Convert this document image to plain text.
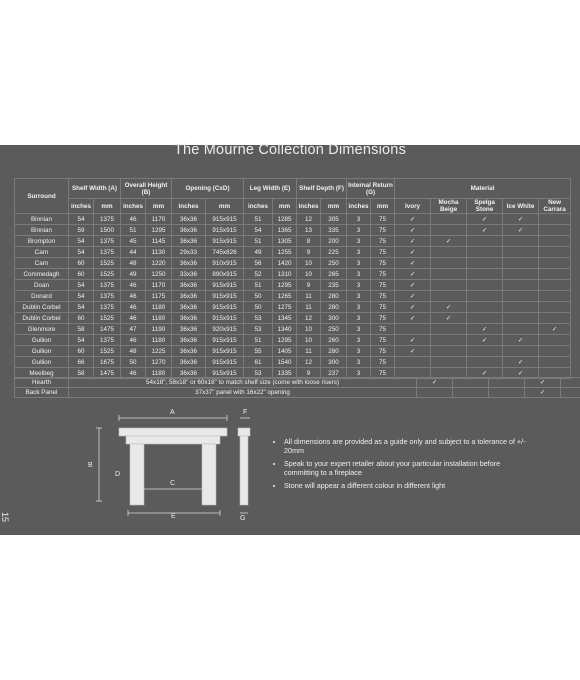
The Mourne Collection Dimensions
Surround	Shelf Width (A)		Overall Height (B)		Opening (CxD)		Leg Width (E)		Shelf Depth (F)		Internal Return (G)		Material				
	inches	mm	inches	mm	inches	mm	inches	mm	inches	mm	inches	mm	Ivory	Mocha Beige	Spelga Stone	Ice White	New Carrara
Binnian	54	1375	46	1170	36x36	915x915	51	1285	12	305	3	75	✓		✓	✓	
Binnian	59	1500	51	1295	36x36	915x915	54	1365	13	335	3	75	✓		✓	✓	
Brompton	54	1375	45	1145	36x36	915x915	51	1305	8	200	3	75	✓	✓			
Carn	54	1375	44	1130	29x33	745x826	49	1255	9	225	3	75	✓				
Carn	60	1525	48	1220	36x36	910x915	56	1420	10	250	3	75	✓				
Commedagh	60	1525	49	1250	33x36	890x915	52	1310	10	265	3	75	✓				
Doan	54	1375	46	1170	36x36	915x915	51	1295	9	235	3	75	✓				
Donard	54	1375	46	1175	36x36	915x915	50	1265	11	280	3	75	✓				
Dublin Corbel	54	1375	46	1180	36x36	915x915	50	1275	11	280	3	75	✓	✓			
Dublin Corbel	60	1525	46	1180	36x36	915x915	53	1345	12	300	3	75	✓	✓			
Glenmore	58	1475	47	1190	36x36	920x915	53	1340	10	250	3	75			✓		✓
Gullion	54	1375	46	1180	36x36	915x915	51	1295	10	260	3	75	✓		✓	✓	
Gullion	60	1525	48	1225	36x36	915x915	55	1405	11	280	3	75	✓				
Gullion	66	1675	50	1270	36x36	915x915	61	1540	12	300	3	75				✓	
Meelbeg	58	1475	46	1180	36x36	915x915	53	1335	9	237	3	75			✓	✓	
Hearth	54x18", 58x18" or 60x18" to match shelf size (come with loose risers)	✓			✓	
Back Panel	37x37" panel with 16x22" opening				✓	
A
B
C
D
E
F
G
• All dimensions are provided as a guide only and subject to a tolerance of +/- 20mm
• Speak to your expert retailer about your particular installation before committing to a fireplace
• Stone will appear a different colour in different light
15
